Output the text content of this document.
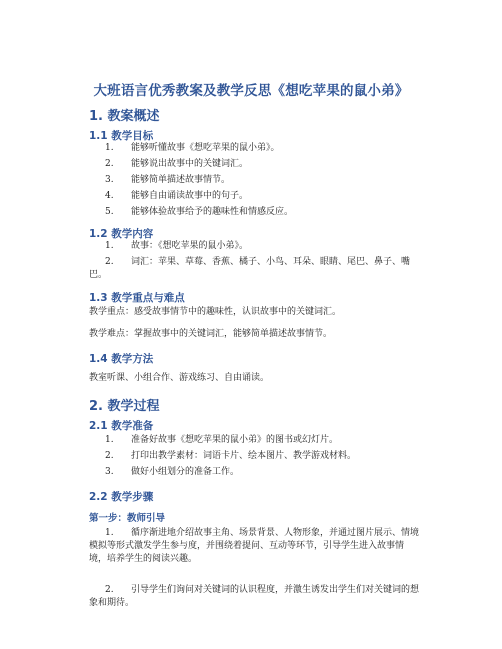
大班语言优秀教案及教学反思《想吃苹果的鼠小弟》
1. 教案概述
1.1 教学目标
1.	能够听懂故事《想吃苹果的鼠小弟》。
2.	能够说出故事中的关键词汇。
3.	能够简单描述故事情节。
4.	能够自由诵读故事中的句子。
5.	能够体验故事给予的趣味性和情感反应。
1.2 教学内容
1.	故事：《想吃苹果的鼠小弟》。
2.	词汇：苹果、草莓、香蕉、橘子、小鸟、耳朵、眼睛、尾巴、鼻子、嘴巴。
1.3 教学重点与难点
教学重点：感受故事情节中的趣味性，认识故事中的关键词汇。
教学难点：掌握故事中的关键词汇，能够简单描述故事情节。
1.4 教学方法
教室听课、小组合作、游戏练习、自由诵读。
2. 教学过程
2.1 教学准备
1.	准备好故事《想吃苹果的鼠小弟》的图书或幻灯片。
2.	打印出教学素材：词语卡片、绘本图片、教学游戏材料。
3.	做好小组划分的准备工作。
2.2 教学步骤
第一步：教师引导
1.	循序渐进地介绍故事主角、场景背景、人物形象，并通过图片展示、情境模拟等形式激发学生参与度，并围绕着提问、互动等环节，引导学生进入故事情境，培养学生的阅读兴趣。
2.	引导学生们询问对关键词的认识程度，并激生诱发出学生们对关键词的想象和期待。
